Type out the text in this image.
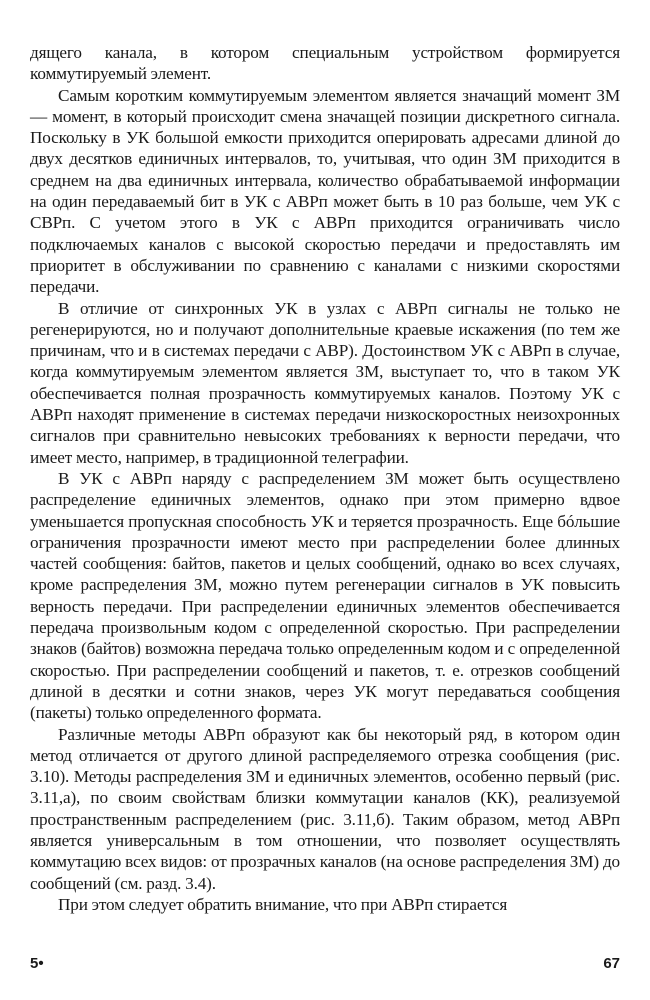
дящего канала, в котором специальным устройством формируется коммутируемый элемент.

Самым коротким коммутируемым элементом является значащий момент ЗМ — момент, в который происходит смена значащей позиции дискретного сигнала. Поскольку в УК большой емкости приходится оперировать адресами длиной до двух десятков единичных интервалов, то, учитывая, что один ЗМ приходится в среднем на два единичных интервала, количество обрабатываемой информации на один передаваемый бит в УК с АВРп может быть в 10 раз больше, чем УК с СВРп. С учетом этого в УК с АВРп приходится ограничивать число подключаемых каналов с высокой скоростью передачи и предоставлять им приоритет в обслуживании по сравнению с каналами с низкими скоростями передачи.

В отличие от синхронных УК в узлах с АВРп сигналы не только не регенерируются, но и получают дополнительные краевые искажения (по тем же причинам, что и в системах передачи с АВР). Достоинством УК с АВРп в случае, когда коммутируемым элементом является ЗМ, выступает то, что в таком УК обеспечивается полная прозрачность коммутируемых каналов. Поэтому УК с АВРп находят применение в системах передачи низкоскоростных неизохронных сигналов при сравнительно невысоких требованиях к верности передачи, что имеет место, например, в традиционной телеграфии.

В УК с АВРп наряду с распределением ЗМ может быть осуществлено распределение единичных элементов, однако при этом примерно вдвое уменьшается пропускная способность УК и теряется прозрачность. Еще бóльшие ограничения прозрачности имеют место при распределении более длинных частей сообщения: байтов, пакетов и целых сообщений, однако во всех случаях, кроме распределения ЗМ, можно путем регенерации сигналов в УК повысить верность передачи. При распределении единичных элементов обеспечивается передача произвольным кодом с определенной скоростью. При распределении знаков (байтов) возможна передача только определенным кодом и с определенной скоростью. При распределении сообщений и пакетов, т. е. отрезков сообщений длиной в десятки и сотни знаков, через УК могут передаваться сообщения (пакеты) только определенного формата.

Различные методы АВРп образуют как бы некоторый ряд, в котором один метод отличается от другого длиной распределяемого отрезка сообщения (рис. 3.10). Методы распределения ЗМ и единичных элементов, особенно первый (рис. 3.11,а), по своим свойствам близки коммутации каналов (КК), реализуемой пространственным распределением (рис. 3.11,б). Таким образом, метод АВРп является универсальным в том отношении, что позволяет осуществлять коммутацию всех видов: от прозрачных каналов (на основе распределения ЗМ) до сообщений (см. разд. 3.4).

При этом следует обратить внимание, что при АВРп стирается

5•	67
